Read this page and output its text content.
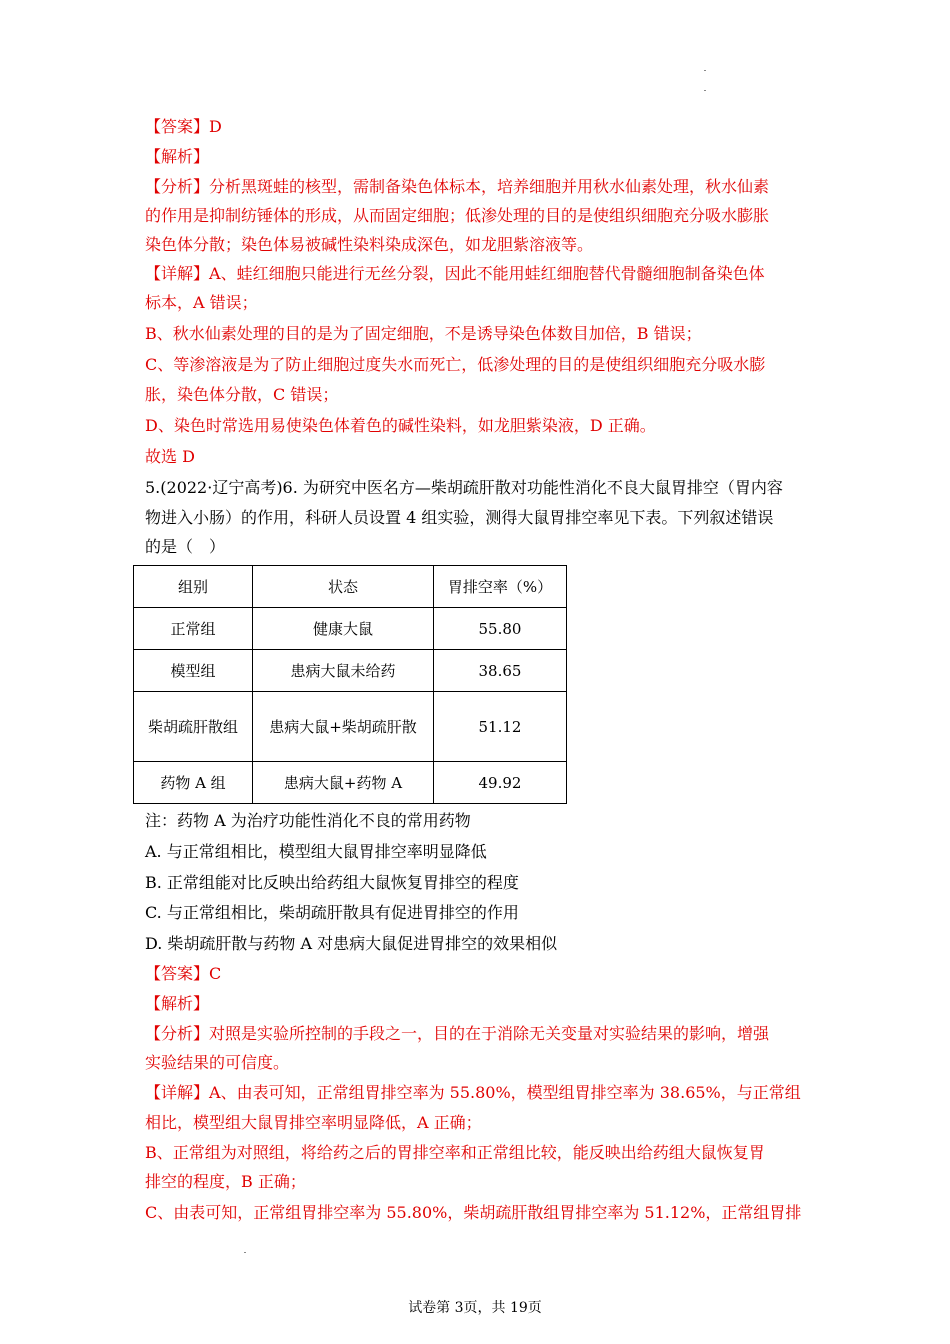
【答案】D
【解析】
【分析】分析黑斑蛙的核型，需制备染色体标本，培养细胞并用秋水仙素处理，秋水仙素
的作用是抑制纺锤体的形成，从而固定细胞；低渗处理的目的是使组织细胞充分吸水膨胀
染色体分散；染色体易被碱性染料染成深色，如龙胆紫溶液等。
【详解】A、蛙红细胞只能进行无丝分裂，因此不能用蛙红细胞替代骨髓细胞制备染色体
标本，A 错误；
B、秋水仙素处理的目的是为了固定细胞，不是诱导染色体数目加倍，B 错误；
C、等渗溶液是为了防止细胞过度失水而死亡，低渗处理的目的是使组织细胞充分吸水膨
胀，染色体分散，C 错误；
D、染色时常选用易使染色体着色的碱性染料，如龙胆紫染液，D 正确。
故选 D
5.(2022·辽宁高考)6. 为研究中医名方—柴胡疏肝散对功能性消化不良大鼠胃排空（胃内容
物进入小肠）的作用，科研人员设置 4 组实验，测得大鼠胃排空率见下表。下列叙述错误
的是（　）
组别	状态	胃排空率（%）
正常组	健康大鼠	55.80
模型组	患病大鼠未给药	38.65
柴胡疏肝散组	患病大鼠+柴胡疏肝散	51.12
药物 A 组	患病大鼠+药物 A	49.92
注：药物 A 为治疗功能性消化不良的常用药物
A. 与正常组相比，模型组大鼠胃排空率明显降低
B. 正常组能对比反映出给药组大鼠恢复胃排空的程度
C. 与正常组相比，柴胡疏肝散具有促进胃排空的作用
D. 柴胡疏肝散与药物 A 对患病大鼠促进胃排空的效果相似
【答案】C
【解析】
【分析】对照是实验所控制的手段之一，目的在于消除无关变量对实验结果的影响，增强
实验结果的可信度。
【详解】A、由表可知，正常组胃排空率为 55.80%，模型组胃排空率为 38.65%，与正常组
相比，模型组大鼠胃排空率明显降低，A 正确；
B、正常组为对照组，将给药之后的胃排空率和正常组比较，能反映出给药组大鼠恢复胃
排空的程度，B 正确；
C、由表可知，正常组胃排空率为 55.80%，柴胡疏肝散组胃排空率为 51.12%，正常组胃排
试卷第 3页，共 19页
